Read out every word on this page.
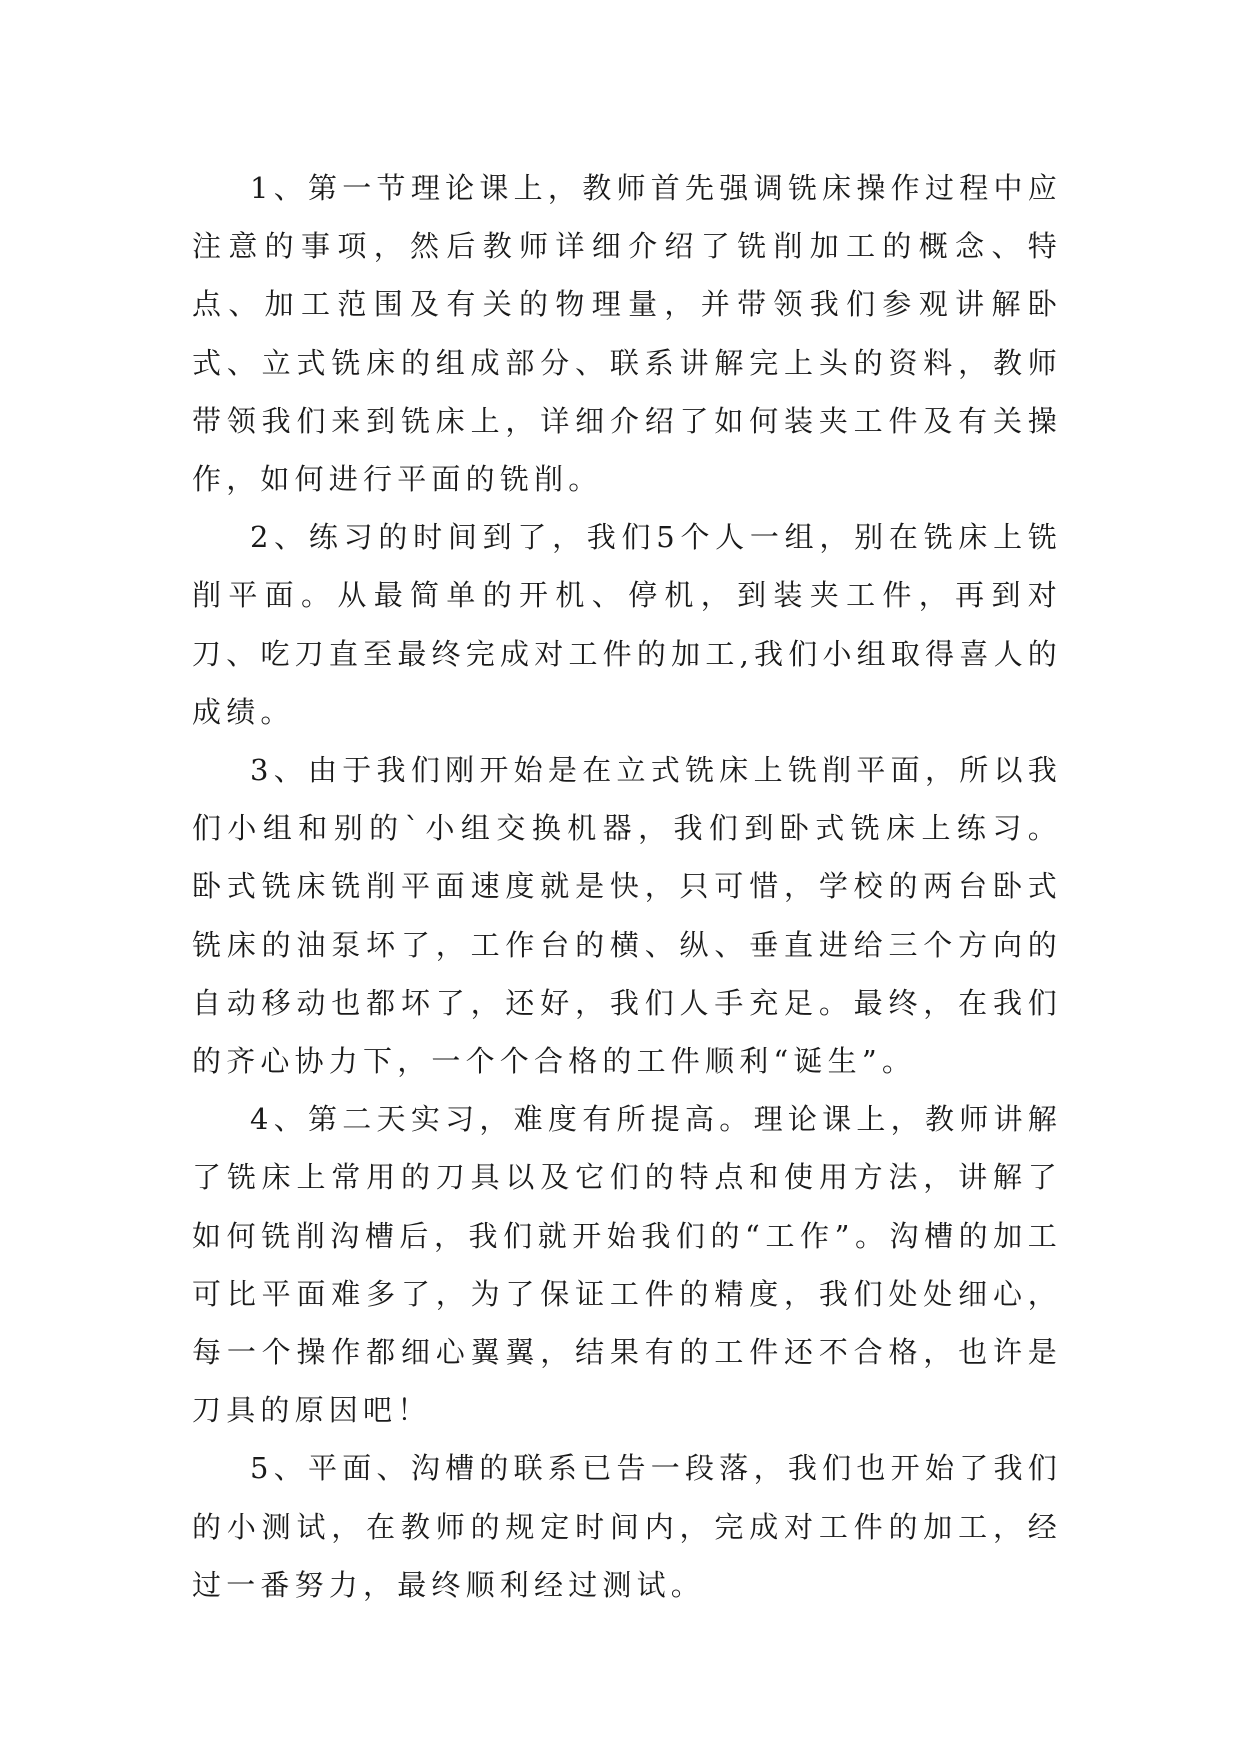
1、第一节理论课上，教师首先强调铣床操作过程中应注意的事项，然后教师详细介绍了铣削加工的概念、特点、加工范围及有关的物理量，并带领我们参观讲解卧式、立式铣床的组成部分、联系讲解完上头的资料，教师带领我们来到铣床上，详细介绍了如何装夹工件及有关操作，如何进行平面的铣削。

2、练习的时间到了，我们5个人一组，别在铣床上铣削平面。从最简单的开机、停机，到装夹工件，再到对刀、吃刀直至最终完成对工件的加工,我们小组取得喜人的成绩。

3、由于我们刚开始是在立式铣床上铣削平面，所以我们小组和别的`小组交换机器，我们到卧式铣床上练习。卧式铣床铣削平面速度就是快，只可惜，学校的两台卧式铣床的油泵坏了，工作台的横、纵、垂直进给三个方向的自动移动也都坏了，还好，我们人手充足。最终，在我们的齐心协力下，一个个合格的工件顺利“诞生”。

4、第二天实习，难度有所提高。理论课上，教师讲解了铣床上常用的刀具以及它们的特点和使用方法，讲解了如何铣削沟槽后，我们就开始我们的“工作”。沟槽的加工可比平面难多了，为了保证工件的精度，我们处处细心，每一个操作都细心翼翼，结果有的工件还不合格，也许是刀具的原因吧！

5、平面、沟槽的联系已告一段落，我们也开始了我们的小测试，在教师的规定时间内，完成对工件的加工，经过一番努力，最终顺利经过测试。
